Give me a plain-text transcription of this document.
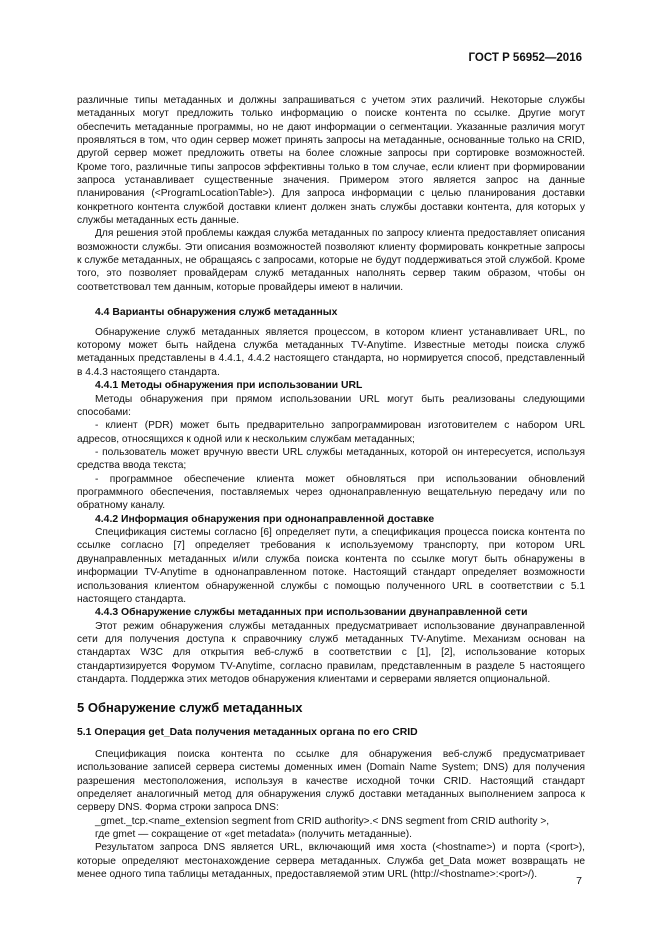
ГОСТ Р 56952—2016

различные типы метаданных и должны запрашиваться с учетом этих различий. Некоторые службы метаданных могут предложить только информацию о поиске контента по ссылке. Другие могут обеспечить метаданные программы, но не дают информации о сегментации. Указанные различия могут проявляться в том, что один сервер может принять запросы на метаданные, основанные только на CRID, другой сервер может предложить ответы на более сложные запросы при сортировке возможностей. Кроме того, различные типы запросов эффективны только в том случае, если клиент при формировании запроса устанавливает существенные значения. Примером этого является запрос на данные планирования (<ProgramLocationTable>). Для запроса информации с целью планирования доставки конкретного контента службой доставки клиент должен знать службы доставки контента, для которых у службы метаданных есть данные.

Для решения этой проблемы каждая служба метаданных по запросу клиента предоставляет описания возможности службы. Эти описания возможностей позволяют клиенту формировать конкретные запросы к службе метаданных, не обращаясь с запросами, которые не будут поддерживаться этой службой. Кроме того, это позволяет провайдерам служб метаданных наполнять сервер таким образом, чтобы он соответствовал тем данным, которые провайдеры имеют в наличии.

4.4 Варианты обнаружения служб метаданных

Обнаружение служб метаданных является процессом, в котором клиент устанавливает URL, по которому может быть найдена служба метаданных TV-Anytime. Известные методы поиска служб метаданных представлены в 4.4.1, 4.4.2 настоящего стандарта, но нормируется способ, представленный в 4.4.3 настоящего стандарта.

4.4.1 Методы обнаружения при использовании URL

Методы обнаружения при прямом использовании URL могут быть реализованы следующими способами:

- клиент (PDR) может быть предварительно запрограммирован изготовителем с набором URL адресов, относящихся к одной или к нескольким службам метаданных;

- пользователь может вручную ввести URL службы метаданных, которой он интересуется, используя средства ввода текста;

- программное обеспечение клиента может обновляться при использовании обновлений программного обеспечения, поставляемых через однонаправленную вещательную передачу или по обратному каналу.

4.4.2 Информация обнаружения при однонаправленной доставке

Спецификация системы согласно [6] определяет пути, а спецификация процесса поиска контента по ссылке согласно [7] определяет требования к используемому транспорту, при котором URL двунаправленных метаданных и/или служба поиска контента по ссылке могут быть обнаружены в информации TV-Anytime в однонаправленном потоке. Настоящий стандарт определяет возможности использования клиентом обнаруженной службы с помощью полученного URL в соответствии с 5.1 настоящего стандарта.

4.4.3 Обнаружение службы метаданных при использовании двунаправленной сети

Этот режим обнаружения службы метаданных предусматривает использование двунаправленной сети для получения доступа к справочнику служб метаданных TV-Anytime. Механизм основан на стандартах W3C для открытия веб-служб в соответствии с [1], [2], использование которых стандартизируется Форумом TV-Anytime, согласно правилам, представленным в разделе 5 настоящего стандарта. Поддержка этих методов обнаружения клиентами и серверами является опциональной.

5 Обнаружение служб метаданных
5.1 Операция get_Data получения метаданных органа по его CRID

Спецификация поиска контента по ссылке для обнаружения веб-служб предусматривает использование записей сервера системы доменных имен (Domain Name System; DNS) для получения разрешения местоположения, используя в качестве исходной точки CRID. Настоящий стандарт определяет аналогичный метод для обнаружения служб доставки метаданных выполнением запроса к серверу DNS. Форма строки запроса DNS:

_gmet._tcp.<name_extension segment from CRID authority>.< DNS segment from CRID authority >,

где gmet — сокращение от «get metadata» (получить метаданные).

Результатом запроса DNS является URL, включающий имя хоста (<hostname>) и порта (<port>), которые определяют местонахождение сервера метаданных. Служба get_Data может возвращать не менее одного типа таблицы метаданных, предоставляемой этим URL (http://<hostname>:<port>/).

7
